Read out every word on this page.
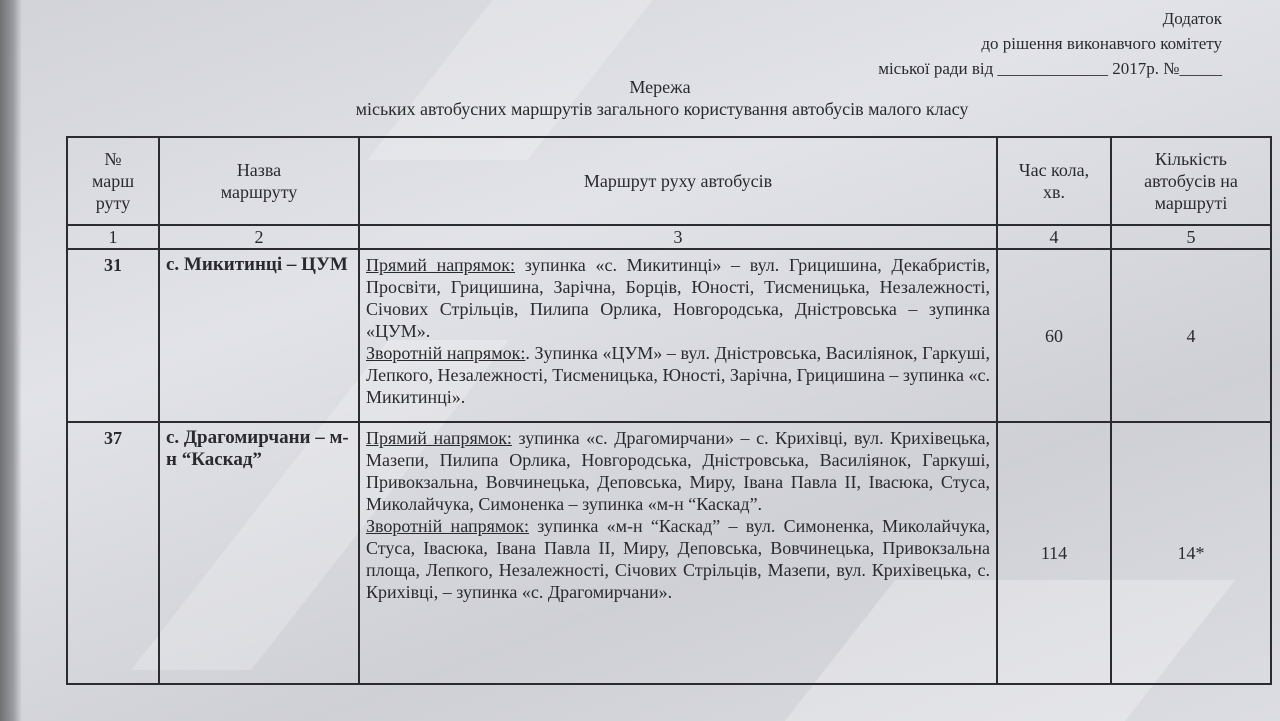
Додаток
до рішення виконавчого комітету
міської ради від _____________ 2017р. №_____
Мережа
міських автобусних маршрутів загального користування автобусів малого класу
№ марш руту	Назва маршруту	Маршрут руху автобусів	Час кола, хв.	Кількість автобусів на маршруті

1	2	3	4	5
31	с. Микитинці – ЦУМ	Прямий напрямок: зупинка «с. Микитинці» – вул. Грицишина, Декабристів, Просвіти, Грицишина, Зарічна, Борців, Юності, Тисменицька, Незалежності, Січових Стрільців, Пилипа Орлика, Новгородська, Дністровська – зупинка «ЦУМ».
Зворотній напрямок:. Зупинка «ЦУМ» – вул. Дністровська, Василіянок, Гаркуші, Лепкого, Незалежності, Тисменицька, Юності, Зарічна, Грицишина – зупинка «с. Микитинці».	60	4
37	с. Драгомирчани – м-н “Каскад”	Прямий напрямок: зупинка «с. Драгомирчани» – с. Крихівці, вул. Крихівецька, Мазепи, Пилипа Орлика, Новгородська, Дністровська, Василіянок, Гаркуші, Привокзальна, Вовчинецька, Деповська, Миру, Івана Павла ІІ, Івасюка, Стуса, Миколайчука, Симоненка – зупинка «м-н “Каскад”.
Зворотній напрямок: зупинка «м-н “Каскад” – вул. Симоненка, Миколайчука, Стуса, Івасюка, Івана Павла ІІ, Миру, Деповська, Вовчинецька, Привокзальна площа, Лепкого, Незалежності, Січових Стрільців, Мазепи, вул. Крихівецька, с. Крихівці, – зупинка «с. Драгомирчани».	114	14*
